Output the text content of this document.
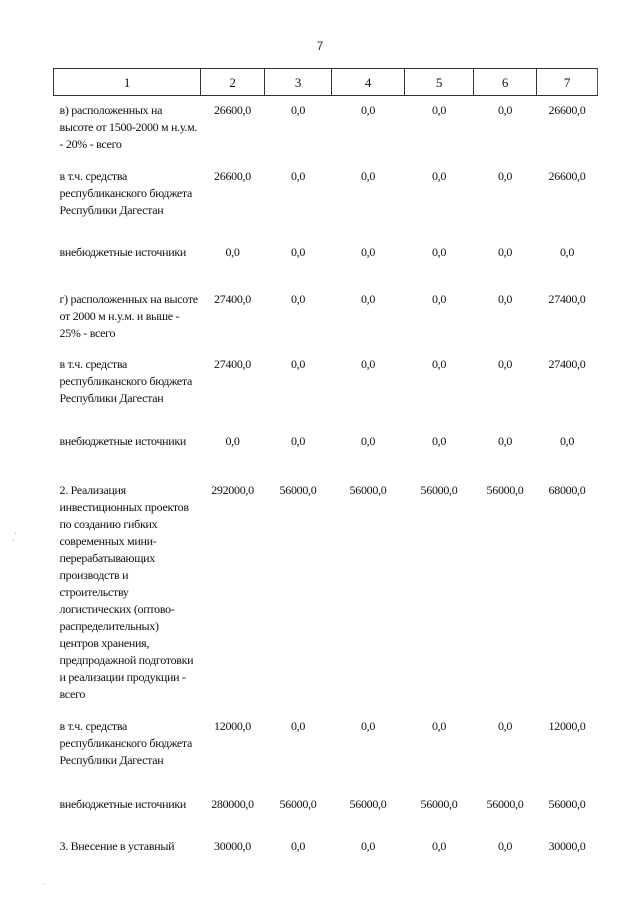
7
1	2	3	4	5	6	7
в) расположенных на высоте от 1500-2000 м н.у.м. - 20% - всего	26600,0	0,0	0,0	0,0	0,0	26600,0
в т.ч. средства республиканского бюджета Республики Дагестан	26600,0	0,0	0,0	0,0	0,0	26600,0
внебюджетные источники	0,0	0,0	0,0	0,0	0,0	0,0
г) расположенных на высоте от 2000 м н.у.м. и выше - 25% - всего	27400,0	0,0	0,0	0,0	0,0	27400,0
в т.ч. средства республиканского бюджета Республики Дагестан	27400,0	0,0	0,0	0,0	0,0	27400,0
внебюджетные источники	0,0	0,0	0,0	0,0	0,0	0,0
2. Реализация инвестиционных проектов по созданию гибких современных мини-перерабатывающих производств и строительству логистических (оптово-распределительных) центров хранения, предпродажной подготовки и реализации продукции - всего	292000,0	56000,0	56000,0	56000,0	56000,0	68000,0
в т.ч. средства республиканского бюджета Республики Дагестан	12000,0	0,0	0,0	0,0	0,0	12000,0
внебюджетные источники	280000,0	56000,0	56000,0	56000,0	56000,0	56000,0
3. Внесение в уставный	30000,0	0,0	0,0	0,0	0,0	30000,0
.
·
.
